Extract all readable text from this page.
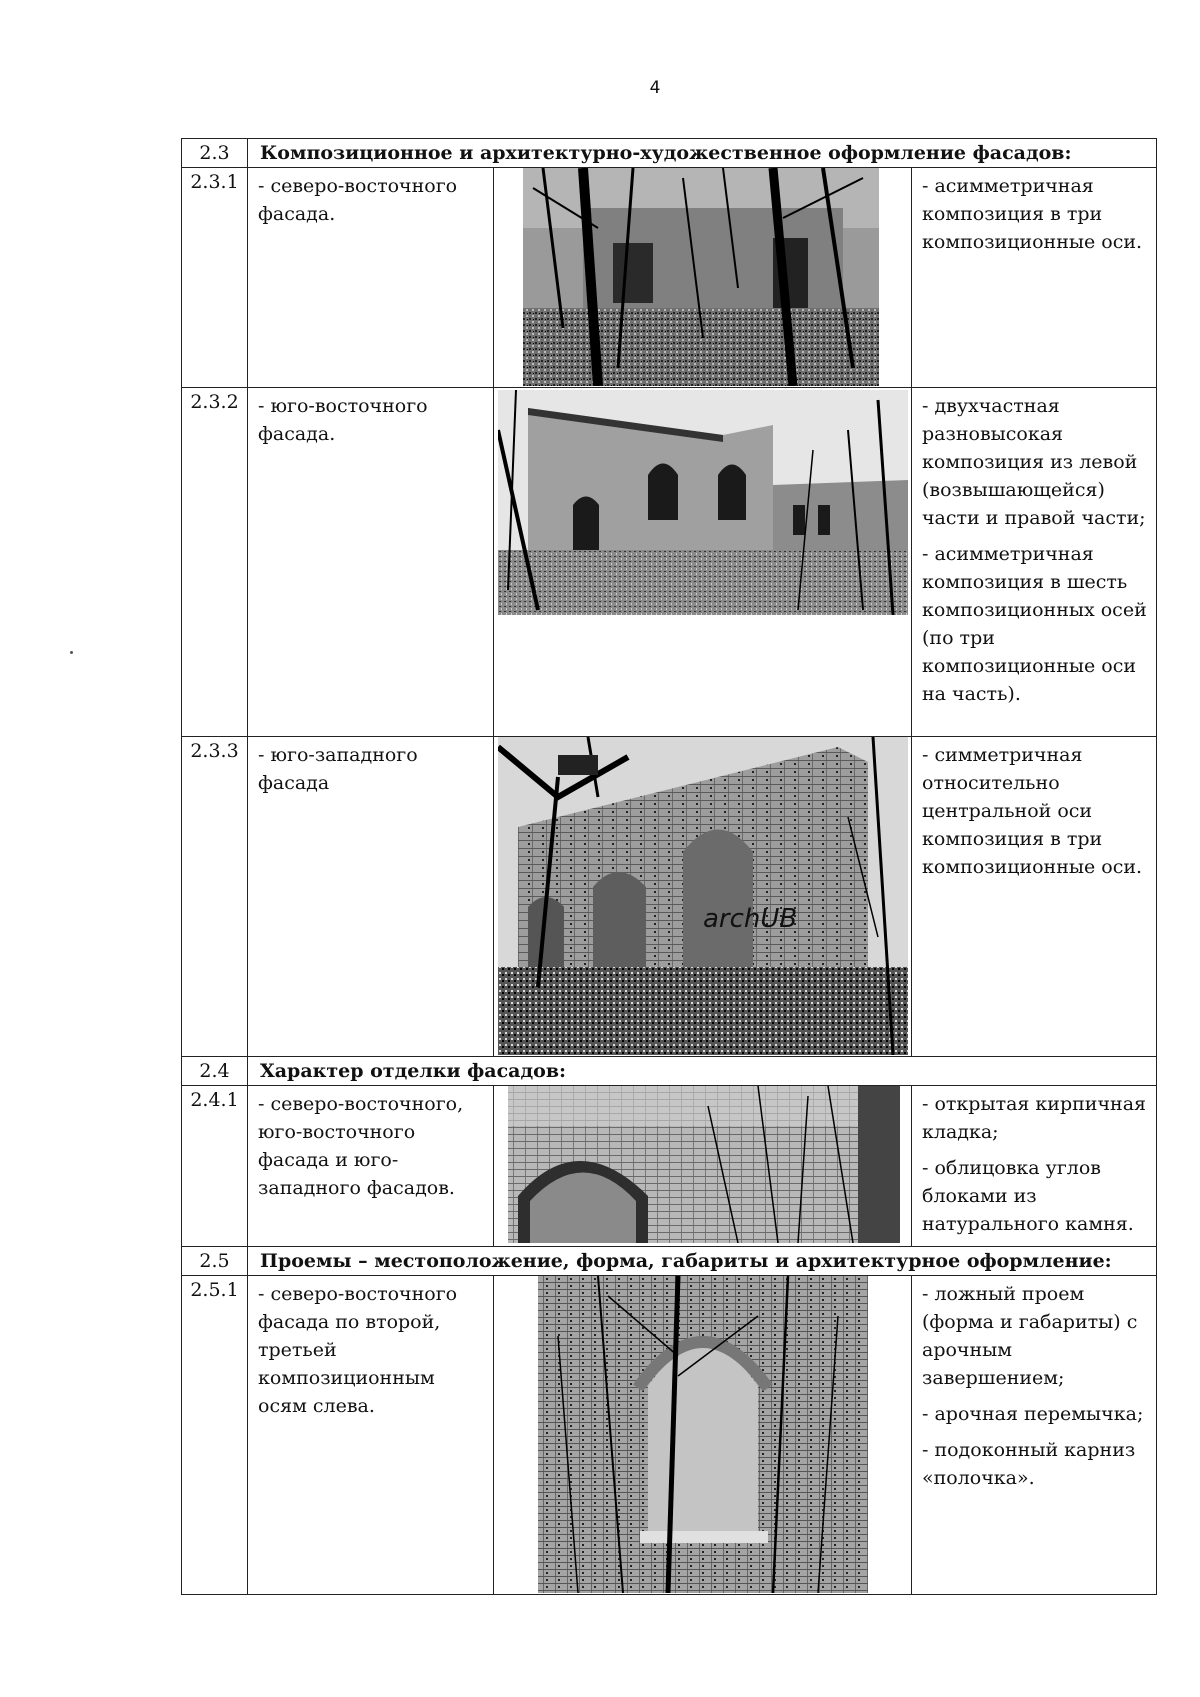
4
2.3	Композиционное и архитектурно-художественное оформление фасадов:		
2.3.1	- северо-восточного фасада.		- асимметричная композиция в три композиционные оси.

2.3.2	- юго-восточного фасада.		- двухчастная разновысокая композиция из левой (возвышающейся) части и правой части;

- асимметричная композиция в шесть композиционных осей (по три композиционные оси на часть).

2.3.3	- юго-западного фасада	archUB	- симметричная относительно центральной оси композиция в три композиционные оси.

2.4	Характер отделки фасадов:		
2.4.1	- северо-восточного, юго-восточного фасада и юго- западного фасадов.		- открытая кирпичная кладка;

- облицовка углов блоками из натурального камня.

2.5	Проемы – местоположение, форма, габариты и архитектурное оформление:		
2.5.1	- северо-восточного фасада по второй, третьей композиционным осям слева.		- ложный проем (форма и габариты) с арочным завершением;

- арочная перемычка;

- подоконный карниз «полочка».
